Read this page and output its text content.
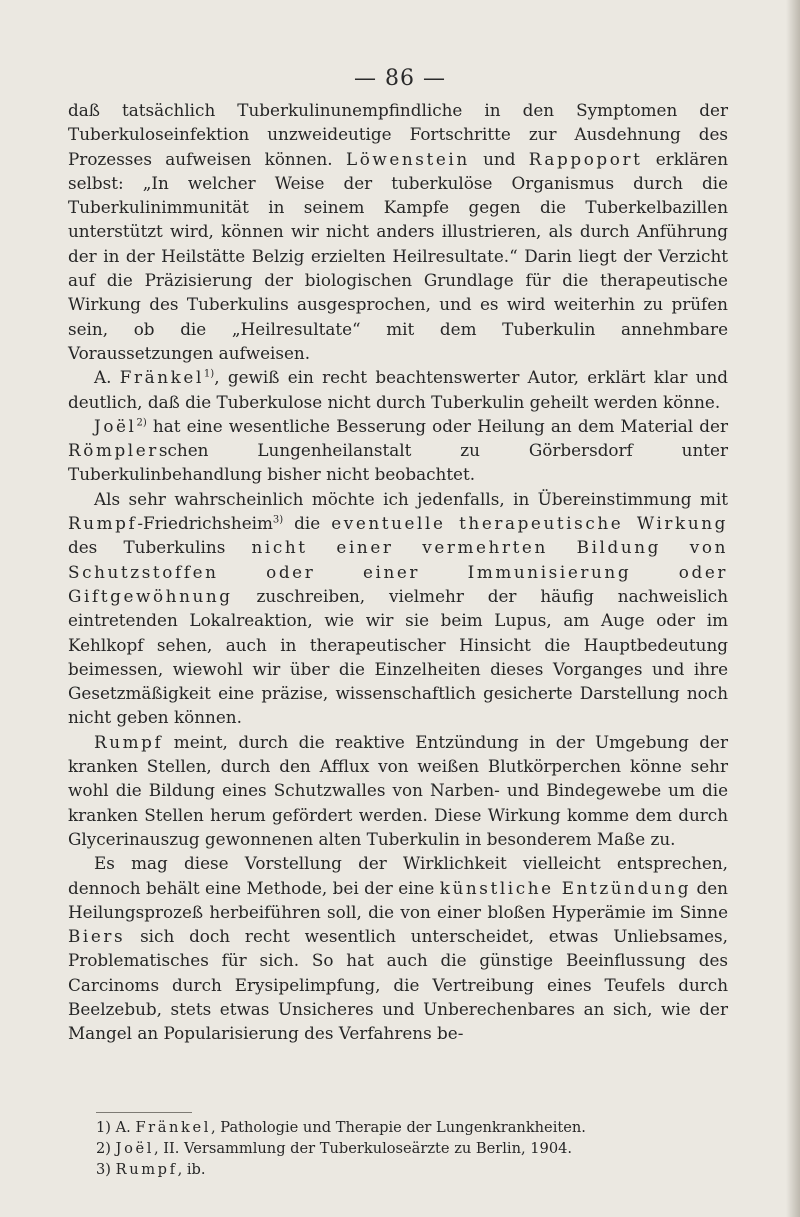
— 86 —

daß tatsächlich Tuberkulinunempfindliche in den Symptomen der Tuberkuloseinfektion unzweideutige Fortschritte zur Ausdehnung des Prozesses aufweisen können. Löwenstein und Rappoport erklären selbst: „In welcher Weise der tuberkulöse Organismus durch die Tuberkulinimmunität in seinem Kampfe gegen die Tuberkelbazillen unterstützt wird, können wir nicht anders illustrieren, als durch Anführung der in der Heilstätte Belzig erzielten Heilresultate.“ Darin liegt der Verzicht auf die Präzisierung der biologischen Grundlage für die therapeutische Wirkung des Tuberkulins ausgesprochen, und es wird weiterhin zu prüfen sein, ob die „Heilresultate“ mit dem Tuberkulin annehmbare Voraussetzungen aufweisen.

A. Fränkel$^{1)}$, gewiß ein recht beachtenswerter Autor, erklärt klar und deutlich, daß die Tuberkulose nicht durch Tuberkulin geheilt werden könne.

Joël$^{2)}$ hat eine wesentliche Besserung oder Heilung an dem Material der Römplerschen Lungenheilanstalt zu Görbersdorf unter Tuberkulinbehandlung bisher nicht beobachtet.

Als sehr wahrscheinlich möchte ich jedenfalls, in Übereinstimmung mit Rumpf-Friedrichsheim$^{3)}$ die eventuelle therapeutische Wirkung des Tuberkulins nicht einer vermehrten Bildung von Schutzstoffen oder einer Immunisierung oder Giftgewöhnung zuschreiben, vielmehr der häufig nachweislich eintretenden Lokalreaktion, wie wir sie beim Lupus, am Auge oder im Kehlkopf sehen, auch in therapeutischer Hinsicht die Hauptbedeutung beimessen, wiewohl wir über die Einzelheiten dieses Vorganges und ihre Gesetzmäßigkeit eine präzise, wissenschaftlich gesicherte Darstellung noch nicht geben können.

Rumpf meint, durch die reaktive Entzündung in der Umgebung der kranken Stellen, durch den Afflux von weißen Blutkörperchen könne sehr wohl die Bildung eines Schutzwalles von Narben- und Bindegewebe um die kranken Stellen herum gefördert werden. Diese Wirkung komme dem durch Glycerinauszug gewonnenen alten Tuberkulin in besonderem Maße zu.

Es mag diese Vorstellung der Wirklichkeit vielleicht entsprechen, dennoch behält eine Methode, bei der eine künstliche Entzündung den Heilungsprozeß herbeiführen soll, die von einer bloßen Hyperämie im Sinne Biers sich doch recht wesentlich unterscheidet, etwas Unliebsames, Problematisches für sich. So hat auch die günstige Beeinflussung des Carcinoms durch Erysipelimpfung, die Vertreibung eines Teufels durch Beelzebub, stets etwas Unsicheres und Unberechenbares an sich, wie der Mangel an Popularisierung des Verfahrens be-

1) A. Fränkel, Pathologie und Therapie der Lungenkrankheiten.
2) Joël, II. Versammlung der Tuberkuloseärzte zu Berlin, 1904.
3) Rumpf, ib.
